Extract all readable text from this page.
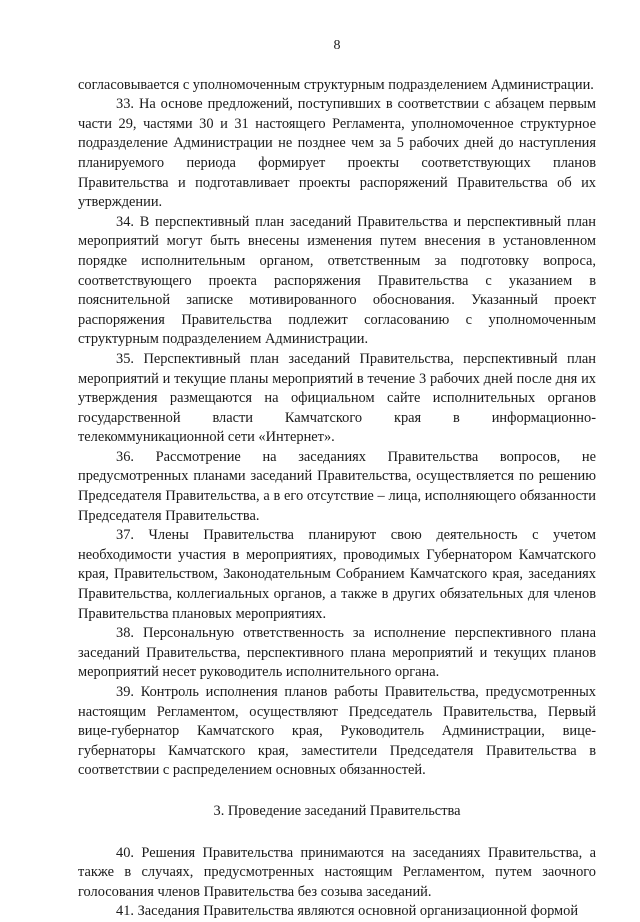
8

согласовывается с уполномоченным структурным подразделением Администрации.

33. На основе предложений, поступивших в соответствии с абзацем первым части 29, частями 30 и 31 настоящего Регламента, уполномоченное структурное подразделение Администрации не позднее чем за 5 рабочих дней до наступления планируемого периода формирует проекты соответствующих планов Правительства и подготавливает проекты распоряжений Правительства об их утверждении.

34. В перспективный план заседаний Правительства и перспективный план мероприятий могут быть внесены изменения путем внесения в установленном порядке исполнительным органом, ответственным за подготовку вопроса, соответствующего проекта распоряжения Правительства с указанием в пояснительной записке мотивированного обоснования. Указанный проект распоряжения Правительства подлежит согласованию с уполномоченным структурным подразделением Администрации.

35. Перспективный план заседаний Правительства, перспективный план мероприятий и текущие планы мероприятий в течение 3 рабочих дней после дня их утверждения размещаются на официальном сайте исполнительных органов государственной власти Камчатского края в информационно-телекоммуникационной сети «Интернет».

36. Рассмотрение на заседаниях Правительства вопросов, не предусмотренных планами заседаний Правительства, осуществляется по решению Председателя Правительства, а в его отсутствие – лица, исполняющего обязанности Председателя Правительства.

37. Члены Правительства планируют свою деятельность с учетом необходимости участия в мероприятиях, проводимых Губернатором Камчатского края, Правительством, Законодательным Собранием Камчатского края, заседаниях Правительства, коллегиальных органов, а также в других обязательных для членов Правительства плановых мероприятиях.

38. Персональную ответственность за исполнение перспективного плана заседаний Правительства, перспективного плана мероприятий и текущих планов мероприятий несет руководитель исполнительного органа.

39. Контроль исполнения планов работы Правительства, предусмотренных настоящим Регламентом, осуществляют Председатель Правительства, Первый вице-губернатор Камчатского края, Руководитель Администрации, вице-губернаторы Камчатского края, заместители Председателя Правительства в соответствии с распределением основных обязанностей.

3. Проведение заседаний Правительства

40. Решения Правительства принимаются на заседаниях Правительства, а также в случаях, предусмотренных настоящим Регламентом, путем заочного голосования членов Правительства без созыва заседаний.

41. Заседания Правительства являются основной организационной формой
